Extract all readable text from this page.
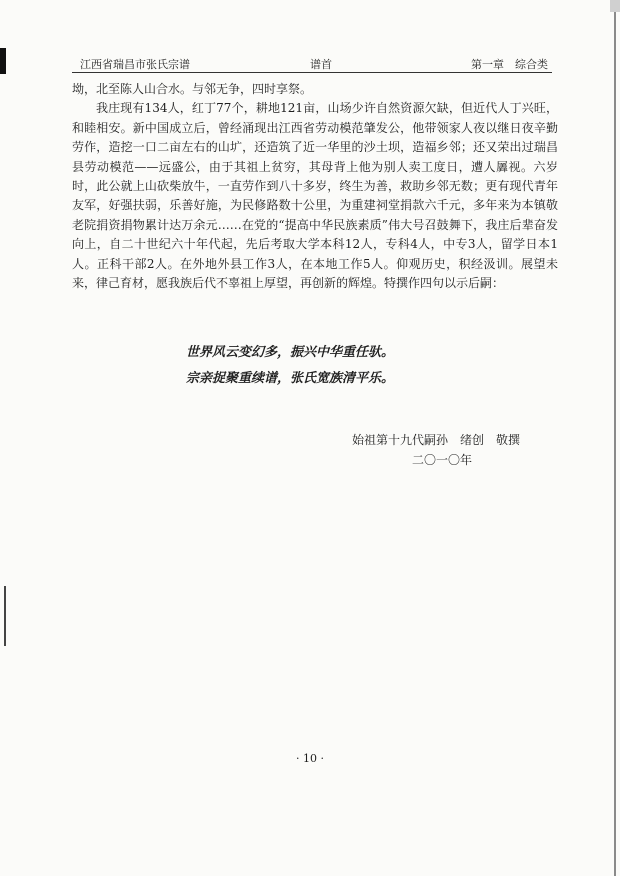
江西省瑞昌市张氏宗谱	谱首	第一章　综合类

坳，北至陈人山合水。与邻无争，四时享祭。

我庄现有134人，红丁77个，耕地121亩，山场少许自然资源欠缺，但近代人丁兴旺，和睦相安。新中国成立后，曾经涌现出江西省劳动模范肇发公，他带领家人夜以继日夜辛勤劳作，造挖一口二亩左右的山圹，还造筑了近一华里的沙土坝，造福乡邻；还又荣出过瑞昌县劳动模范——远盛公，由于其祖上贫穷，其母背上他为别人卖工度日，遭人羼视。六岁时，此公就上山砍柴放牛，一直劳作到八十多岁，终生为善，救助乡邻无数；更有现代青年友军，好强扶弱，乐善好施，为民修路数十公里，为重建祠堂捐款六千元，多年来为本镇敬老院捐资捐物累计达万余元……在党的“提高中华民族素质”伟大号召鼓舞下，我庄后辈奋发向上，自二十世纪六十年代起，先后考取大学本科12人，专科4人，中专3人，留学日本1人。正科干部2人。在外地外县工作3人，在本地工作5人。仰观历史，积经汲训。展望未来，律己育材，愿我族后代不辜祖上厚望，再创新的辉煌。特撰作四句以示后嗣：

世界风云变幻多，振兴中华重任驮。
宗亲捉聚重续谱，张氏宽族清平乐。
始祖第十九代嗣孙　绪创　敬撰
二〇一〇年
· 10 ·
